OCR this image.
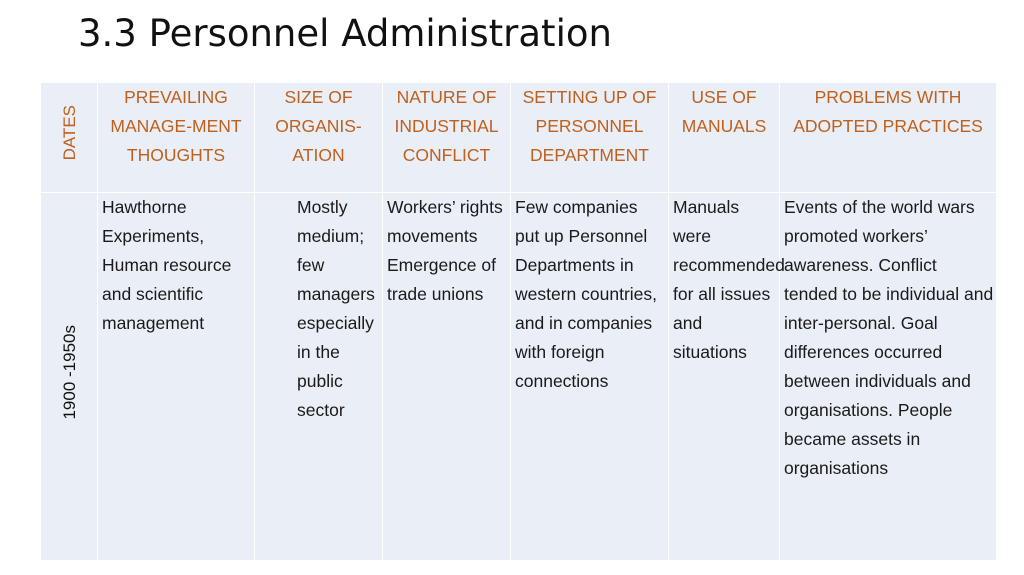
3.3 Personnel Administration
DATES	PREVAILING MANAGE-MENT THOUGHTS	SIZE OF ORGANIS-ATION	NATURE OF INDUSTRIAL CONFLICT	SETTING UP OF PERSONNEL DEPARTMENT	USE OF MANUALS	PROBLEMS WITH ADOPTED PRACTICES

1900 -1950s	Hawthorne Experiments, Human resource and scientific management	Mostly medium; few managers especially in the public sector	Workers’ rights movements Emergence of trade unions	Few companies put up Personnel Departments in western countries, and in companies with foreign connections	Manuals were recommended for all issues and situations	Events of the world wars promoted workers’ awareness. Conflict tended to be individual and inter-personal. Goal differences occurred between individuals and organisations. People became assets in organisations
